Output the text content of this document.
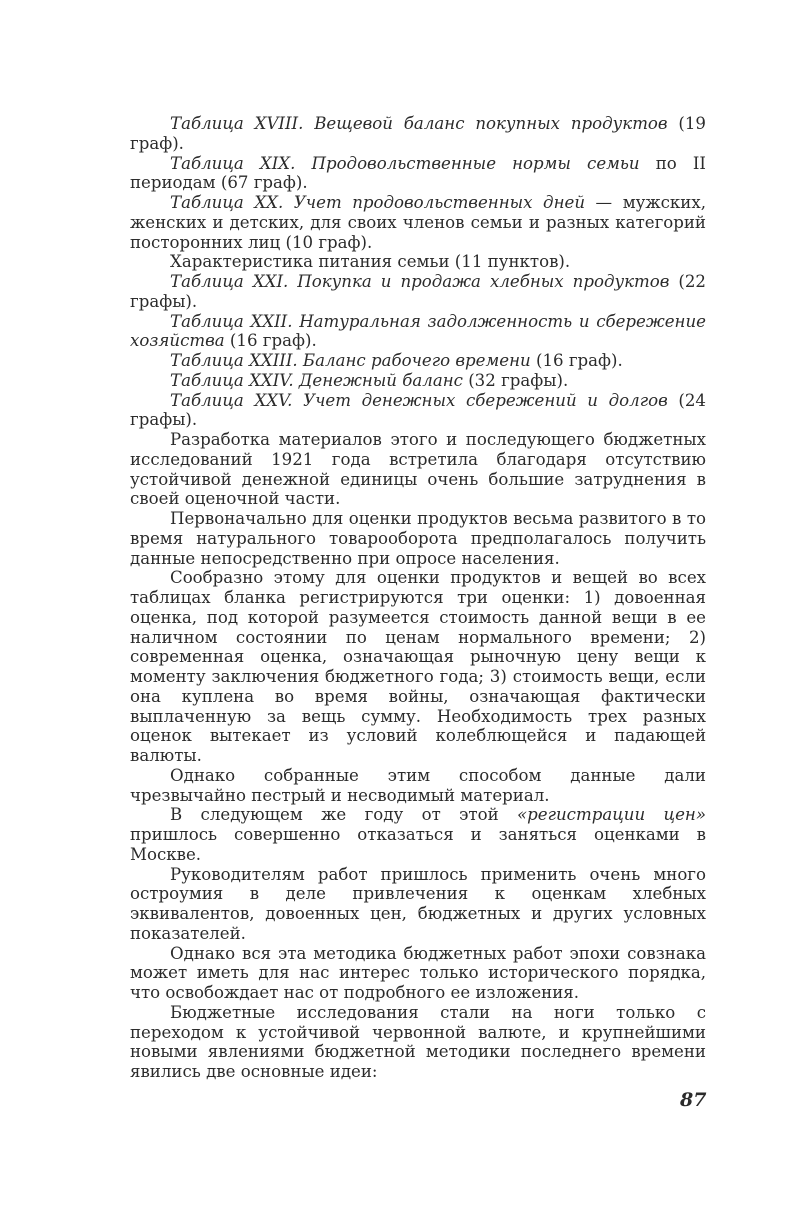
Таблица XVIII. Вещевой баланс покупных продуктов (19 граф).

Таблица XIX. Продовольственные нормы семьи по II периодам (67 граф).

Таблица XX. Учет продовольственных дней — мужских, женских и детских, для своих членов семьи и разных категорий посторонних лиц (10 граф).

Характеристика питания семьи (11 пунктов).

Таблица XXI. Покупка и продажа хлебных продуктов (22 графы).

Таблица XXII. Натуральная задолженность и сбережение хозяйства (16 граф).

Таблица XXIII. Баланс рабочего времени (16 граф).

Таблица XXIV. Денежный баланс (32 графы).

Таблица XXV. Учет денежных сбережений и долгов (24 графы).

Разработка материалов этого и последующего бюджетных исследований 1921 года встретила благодаря отсутствию устойчивой денежной единицы очень большие затруднения в своей оценочной части.

Первоначально для оценки продуктов весьма развитого в то время натурального товарооборота предполагалось получить данные непосредственно при опросе населения.

Сообразно этому для оценки продуктов и вещей во всех таблицах бланка регистрируются три оценки: 1) довоенная оценка, под которой разумеется стоимость данной вещи в ее наличном состоянии по ценам нормального времени; 2) современная оценка, означающая рыночную цену вещи к моменту заключения бюджетного года; 3) стоимость вещи, если она куплена во время войны, означающая фактически выплаченную за вещь сумму. Необходимость трех разных оценок вытекает из условий колеблющейся и падающей валюты.

Однако собранные этим способом данные дали чрезвычайно пестрый и несводимый материал.

В следующем же году от этой «регистрации цен» пришлось совершенно отказаться и заняться оценками в Москве.

Руководителям работ пришлось применить очень много остроумия в деле привлечения к оценкам хлебных эквивалентов, довоенных цен, бюджетных и других условных показателей.

Однако вся эта методика бюджетных работ эпохи совзнака может иметь для нас интерес только исторического порядка, что освобождает нас от подробного ее изложения.

Бюджетные исследования стали на ноги только с переходом к устойчивой червонной валюте, и крупнейшими новыми явлениями бюджетной методики последнего времени явились две основные идеи:

87
